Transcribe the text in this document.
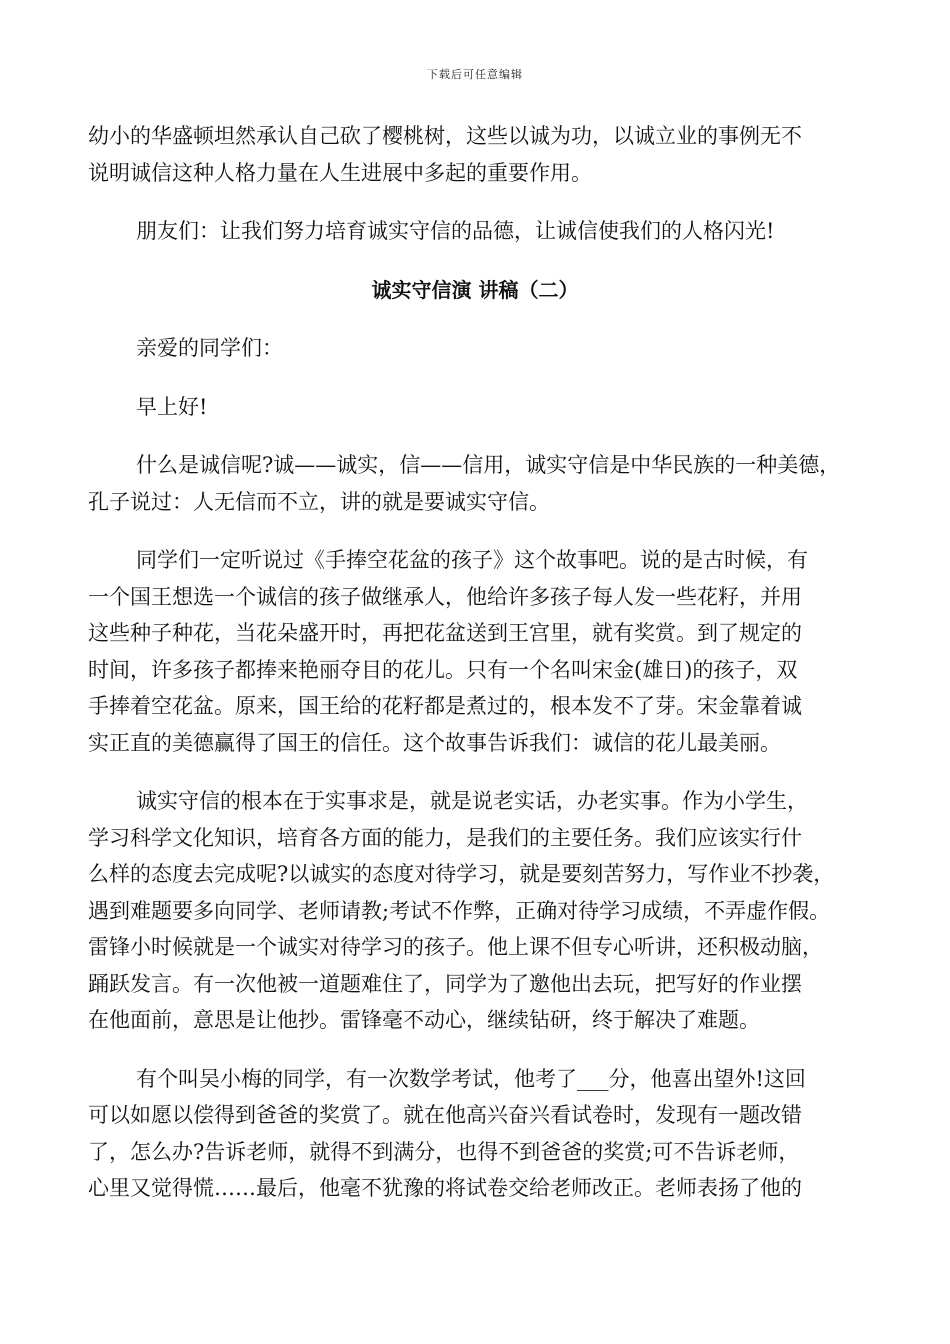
下载后可任意编辑
幼小的华盛顿坦然承认自己砍了樱桃树，这些以诚为功，以诚立业的事例无不
说明诚信这种人格力量在人生进展中多起的重要作用。
朋友们：让我们努力培育诚实守信的品德，让诚信使我们的人格闪光!
诚实守信演 讲稿（二）
亲爱的同学们：
早上好!
什么是诚信呢?诚——诚实，信——信用，诚实守信是中华民族的一种美德，
孔子说过：人无信而不立，讲的就是要诚实守信。
同学们一定听说过《手捧空花盆的孩子》这个故事吧。说的是古时候，有
一个国王想选一个诚信的孩子做继承人，他给许多孩子每人发一些花籽，并用
这些种子种花，当花朵盛开时，再把花盆送到王宫里，就有奖赏。到了规定的
时间，许多孩子都捧来艳丽夺目的花儿。只有一个名叫宋金(雄日)的孩子，双
手捧着空花盆。原来，国王给的花籽都是煮过的，根本发不了芽。宋金靠着诚
实正直的美德赢得了国王的信任。这个故事告诉我们：诚信的花儿最美丽。
诚实守信的根本在于实事求是，就是说老实话，办老实事。作为小学生，
学习科学文化知识，培育各方面的能力，是我们的主要任务。我们应该实行什
么样的态度去完成呢?以诚实的态度对待学习，就是要刻苦努力，写作业不抄袭，
遇到难题要多向同学、老师请教;考试不作弊，正确对待学习成绩，不弄虚作假。
雷锋小时候就是一个诚实对待学习的孩子。他上课不但专心听讲，还积极动脑，
踊跃发言。有一次他被一道题难住了，同学为了邀他出去玩，把写好的作业摆
在他面前，意思是让他抄。雷锋毫不动心，继续钻研，终于解决了难题。
有个叫吴小梅的同学，有一次数学考试，他考了___分，他喜出望外!这回
可以如愿以偿得到爸爸的奖赏了。就在他高兴奋兴看试卷时，发现有一题改错
了，怎么办?告诉老师，就得不到满分，也得不到爸爸的奖赏;可不告诉老师，
心里又觉得慌……最后，他毫不犹豫的将试卷交给老师改正。老师表扬了他的
